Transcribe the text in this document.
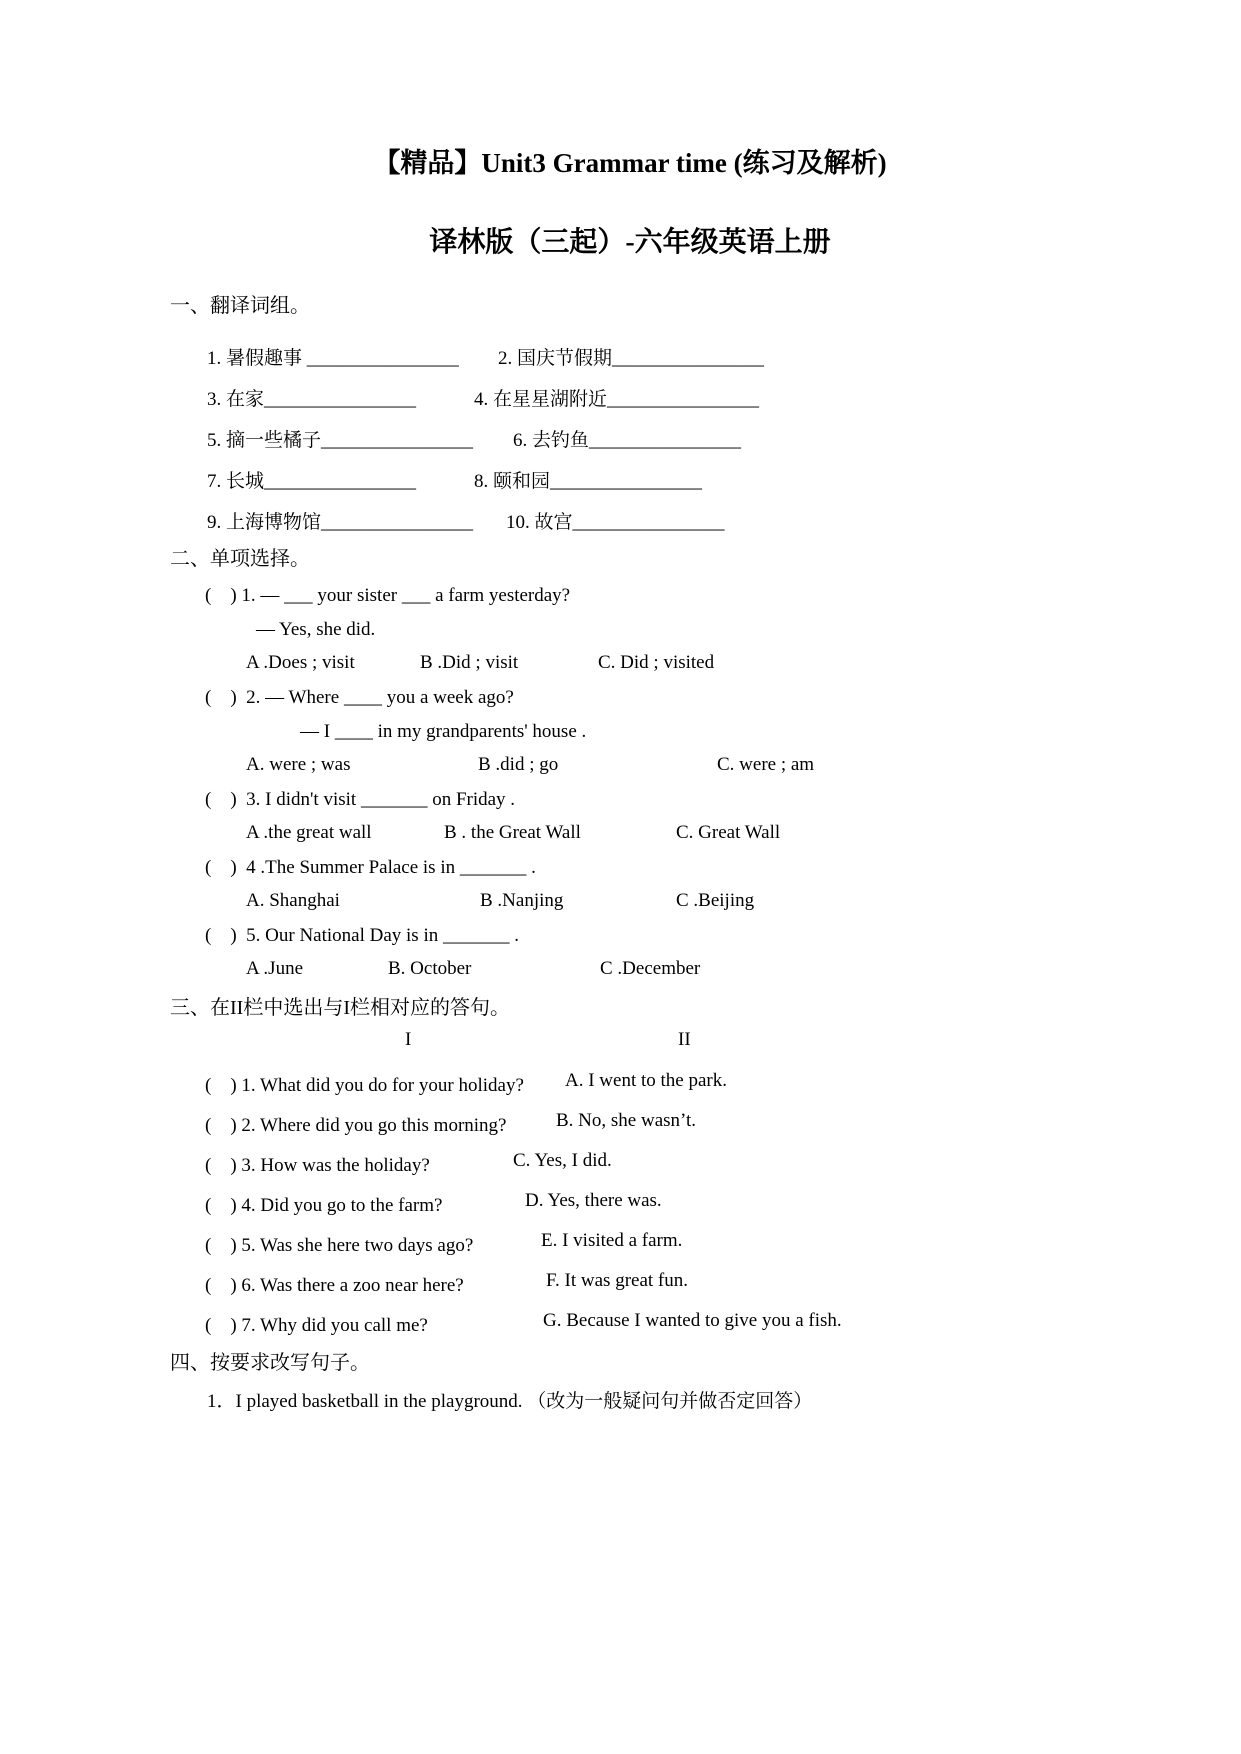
【精品】Unit3 Grammar time (练习及解析)
译林版（三起）-六年级英语上册
一、翻译词组。
1. 暑假趣事 ________________ 2. 国庆节假期________________
3. 在家________________	4. 在星星湖附近________________
5. 摘一些橘子________________ 6. 去钓鱼________________
7. 长城________________	8. 颐和园________________
9. 上海博物馆________________ 10. 故宫________________
二、单项选择。
(　) 1. — ___ your sister ___ a farm yesterday?
— Yes, she did.
A .Does ; visit	B .Did ; visit	C. Did ; visited
(　)  2. — Where ____ you a week ago?
— I ____ in my grandparents' house .
A. were ; was	B .did ; go	C. were ; am
(　)  3. I didn't visit _______ on Friday .
A .the great wall	B . the Great Wall	C. Great Wall
(　)  4 .The Summer Palace is in _______ .
A. Shanghai	B .Nanjing	C .Beijing
(　)  5. Our National Day is in _______ .
A .June	B. October	C .December
三、在II栏中选出与I栏相对应的答句。
I	II
(　) 1. What did you do for your holiday? A. I went to the park.
(　) 2. Where did you go this morning?	B. No, she wasn’t.
(　) 3. How was the holiday?	C. Yes, I did.
(　) 4. Did you go to the farm?	D. Yes, there was.
(　) 5. Was she here two days ago?	E. I visited a farm.
(　) 6. Was there a zoo near here?	F. It was great fun.
(　) 7. Why did you call me?	G. Because I wanted to give you a fish.
四、按要求改写句子。
1．I played basketball in the playground. （改为一般疑问句并做否定回答）
